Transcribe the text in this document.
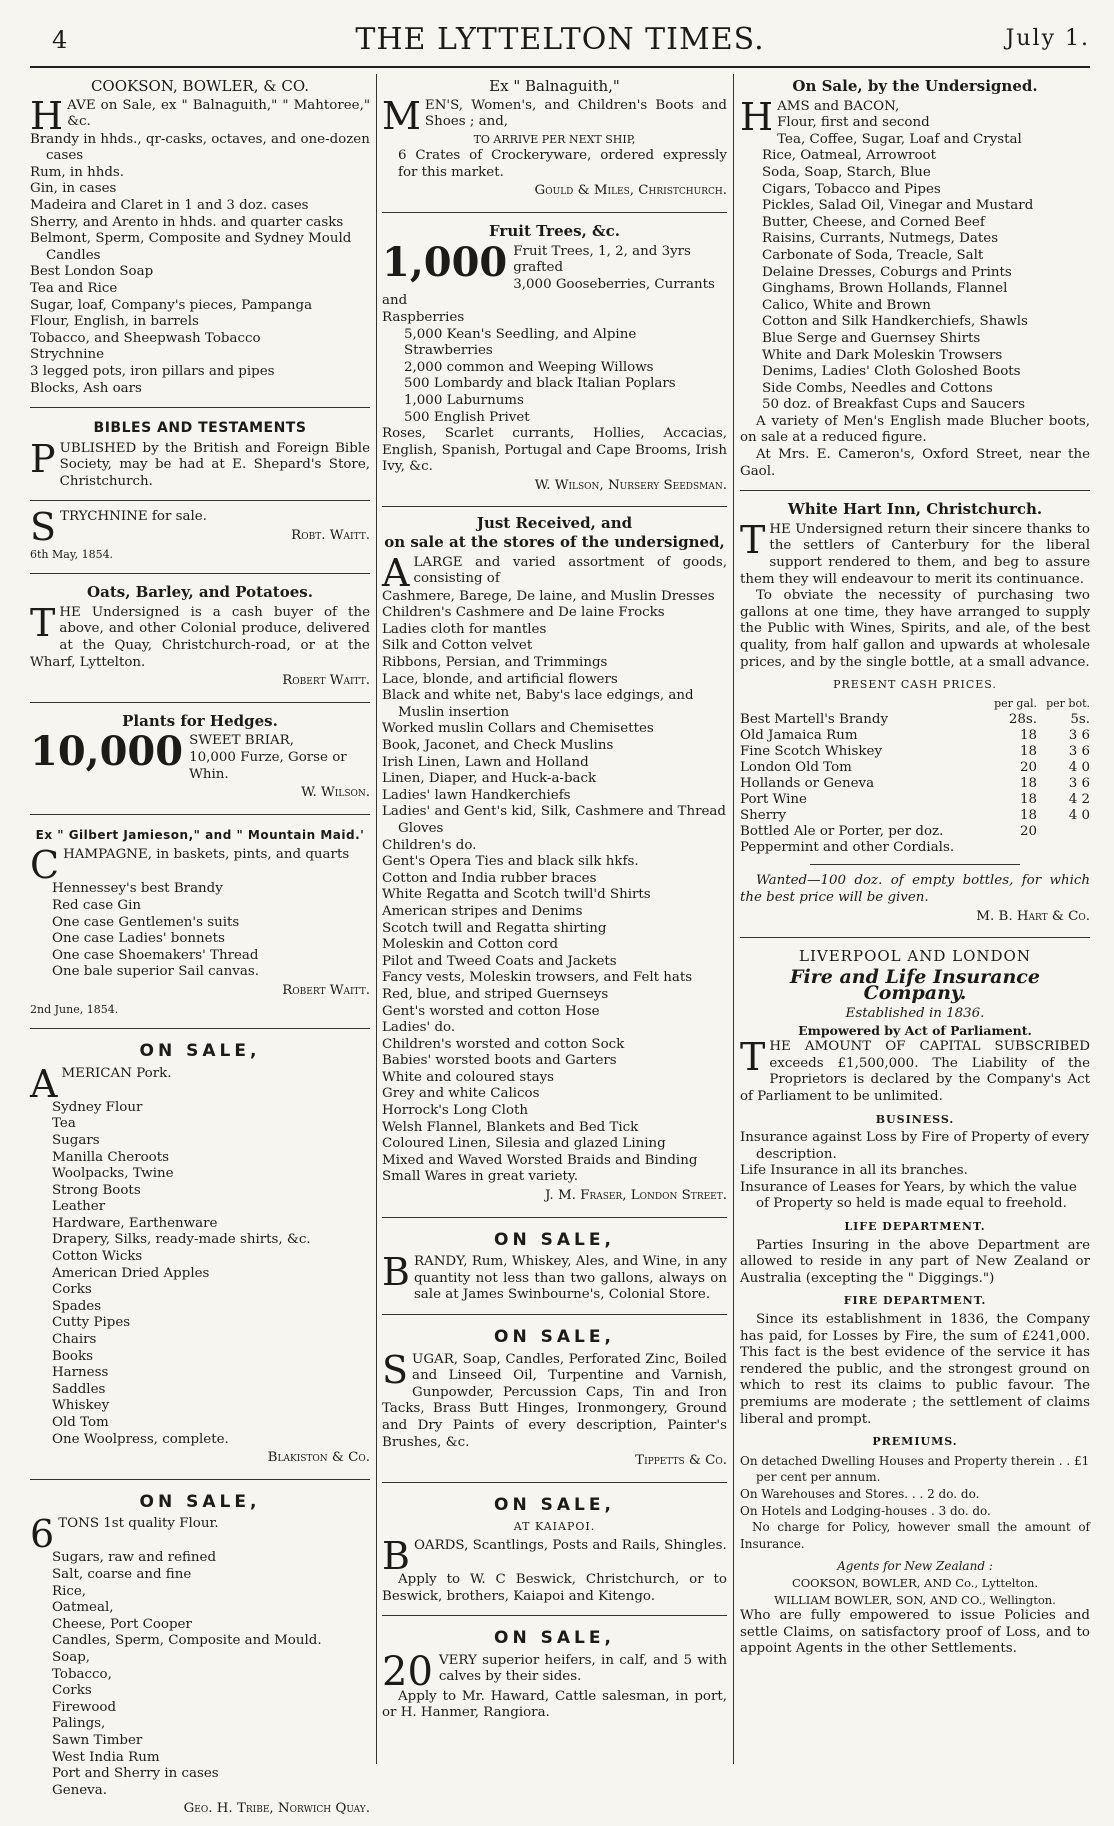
4	THE LYTTELTON TIMES.	July 1.
COOKSON, BOWLER, & CO.
H AVE on Sale, ex " Balnaguith," " Mahtoree," &c.

Brandy in hhds., qr-casks, octaves, and one-dozen cases
Rum, in hhds.
Gin, in cases
Madeira and Claret in 1 and 3 doz. cases
Sherry, and Arento in hhds. and quarter casks
Belmont, Sperm, Composite and Sydney Mould Candles
Best London Soap
Tea and Rice
Sugar, loaf, Company's pieces, Pampanga
Flour, English, in barrels
Tobacco, and Sheepwash Tobacco
Strychnine
3 legged pots, iron pillars and pipes
Blocks, Ash oars
BIBLES AND TESTAMENTS
P UBLISHED by the British and Foreign Bible Society, may be had at E. Shepard's Store, Christchurch.

S TRYCHNINE for sale.

Robt. Waitt.
6th May, 1854.
Oats, Barley, and Potatoes.
T HE Undersigned is a cash buyer of the above, and other Colonial produce, delivered at the Quay, Christchurch-road, or at the Wharf, Lyttelton.

Robert Waitt.
Plants for Hedges.
10,000 SWEET BRIAR,
10,000 Furze, Gorse or Whin.
W. Wilson.
Ex " Gilbert Jamieson," and " Mountain Maid.'
C HAMPAGNE, in baskets, pints, and quarts

Hennessey's best Brandy
Red case Gin
One case Gentlemen's suits
One case Ladies' bonnets
One case Shoemakers' Thread
One bale superior Sail canvas.
Robert Waitt.
2nd June, 1854.
ON SALE,
A MERICAN Pork.

Sydney Flour
Tea
Sugars
Manilla Cheroots
Woolpacks, Twine
Strong Boots
Leather
Hardware, Earthenware
Drapery, Silks, ready-made shirts, &c.
Cotton Wicks
American Dried Apples
Corks
Spades
Cutty Pipes
Chairs
Books
Harness
Saddles
Whiskey
Old Tom
One Woolpress, complete.
Blakiston & Co.
ON SALE,
6 TONS 1st quality Flour.

Sugars, raw and refined
Salt, coarse and fine
Rice,
Oatmeal,
Cheese, Port Cooper
Candles, Sperm, Composite and Mould.
Soap,
Tobacco,
Corks
Firewood
Palings,
Sawn Timber
West India Rum
Port and Sherry in cases
Geneva.
Geo. H. Tribe, Norwich Quay.
Ex " Balnaguith,"
M EN'S, Women's, and Children's Boots and Shoes ; and,

TO ARRIVE PER NEXT SHIP,

6 Crates of Crockeryware, ordered expressly for this market.

Gould & Miles, Christchurch.
Fruit Trees, &c.
1,000 Fruit Trees, 1, 2, and 3yrs grafted
3,000 Gooseberries, Currants and
Raspberries
5,000 Kean's Seedling, and Alpine Strawberries
2,000 common and Weeping Willows
500 Lombardy and black Italian Poplars
1,000 Laburnums
500 English Privet

Roses, Scarlet currants, Hollies, Accacias, English, Spanish, Portugal and Cape Brooms, Irish Ivy, &c.

W. Wilson, Nursery Seedsman.
Just Received, and
on sale at the stores of the undersigned,
A LARGE and varied assortment of goods, consisting of

Cashmere, Barege, De laine, and Muslin Dresses
Children's Cashmere and De laine Frocks
Ladies cloth for mantles
Silk and Cotton velvet
Ribbons, Persian, and Trimmings
Lace, blonde, and artificial flowers
Black and white net, Baby's lace edgings, and Muslin insertion
Worked muslin Collars and Chemisettes
Book, Jaconet, and Check Muslins
Irish Linen, Lawn and Holland
Linen, Diaper, and Huck-a-back
Ladies' lawn Handkerchiefs
Ladies' and Gent's kid, Silk, Cashmere and Thread Gloves
Children's do.
Gent's Opera Ties and black silk hkfs.
Cotton and India rubber braces
White Regatta and Scotch twill'd Shirts
American stripes and Denims
Scotch twill and Regatta shirting
Moleskin and Cotton cord
Pilot and Tweed Coats and Jackets
Fancy vests, Moleskin trowsers, and Felt hats
Red, blue, and striped Guernseys
Gent's worsted and cotton Hose
Ladies' do.
Children's worsted and cotton Sock
Babies' worsted boots and Garters
White and coloured stays
Grey and white Calicos
Horrock's Long Cloth
Welsh Flannel, Blankets and Bed Tick
Coloured Linen, Silesia and glazed Lining
Mixed and Waved Worsted Braids and Binding
Small Wares in great variety.
J. M. Fraser, London Street.
ON SALE,
B RANDY, Rum, Whiskey, Ales, and Wine, in any quantity not less than two gallons, always on sale at James Swinbourne's, Colonial Store.

ON SALE,
S UGAR, Soap, Candles, Perforated Zinc, Boiled and Linseed Oil, Turpentine and Varnish, Gunpowder, Percussion Caps, Tin and Iron Tacks, Brass Butt Hinges, Ironmongery, Ground and Dry Paints of every description, Painter's Brushes, &c.

Tippetts & Co.
ON SALE,
AT KAIAPOI.
B OARDS, Scantlings, Posts and Rails, Shingles.

Apply to W. C Beswick, Christchurch, or to Beswick, brothers, Kaiapoi and Kitengo.

ON SALE,
20 VERY superior heifers, in calf, and 5 with calves by their sides.

Apply to Mr. Haward, Cattle salesman, in port, or H. Hanmer, Rangiora.

On Sale, by the Undersigned.
H AMS and BACON,

Flour, first and second
Tea, Coffee, Sugar, Loaf and Crystal
Rice, Oatmeal, Arrowroot
Soda, Soap, Starch, Blue
Cigars, Tobacco and Pipes
Pickles, Salad Oil, Vinegar and Mustard
Butter, Cheese, and Corned Beef
Raisins, Currants, Nutmegs, Dates
Carbonate of Soda, Treacle, Salt
Delaine Dresses, Coburgs and Prints
Ginghams, Brown Hollands, Flannel
Calico, White and Brown
Cotton and Silk Handkerchiefs, Shawls
Blue Serge and Guernsey Shirts
White and Dark Moleskin Trowsers
Denims, Ladies' Cloth Goloshed Boots
Side Combs, Needles and Cottons
50 doz. of Breakfast Cups and Saucers

A variety of Men's English made Blucher boots, on sale at a reduced figure.

At Mrs. E. Cameron's, Oxford Street, near the Gaol.

White Hart Inn, Christchurch.
T HE Undersigned return their sincere thanks to the settlers of Canterbury for the liberal support rendered to them, and beg to assure them they will endeavour to merit its continuance.

To obviate the necessity of purchasing two gallons at one time, they have arranged to supply the Public with Wines, Spirits, and ale, of the best quality, from half gallon and upwards at wholesale prices, and by the single bottle, at a small advance.

PRESENT CASH PRICES.
	per gal.	per bot.
Best Martell's Brandy	28s.	5s.
Old Jamaica Rum	18	3 6
Fine Scotch Whiskey	18	3 6
London Old Tom	20	4 0
Hollands or Geneva	18	3 6
Port Wine	18	4 2
Sherry	18	4 0
Bottled Ale or Porter, per doz.	20	
Peppermint and other Cordials.

Wanted—100 doz. of empty bottles, for which the best price will be given.

M. B. Hart & Co.
LIVERPOOL AND LONDON
Fire and Life Insurance Company.
Established in 1836.
Empowered by Act of Parliament.
T HE AMOUNT OF CAPITAL SUBSCRIBED exceeds £1,500,000. The Liability of the Proprietors is declared by the Company's Act of Parliament to be unlimited.

BUSINESS.
Insurance against Loss by Fire of Property of every description.
Life Insurance in all its branches.
Insurance of Leases for Years, by which the value of Property so held is made equal to freehold.
LIFE DEPARTMENT.

Parties Insuring in the above Department are allowed to reside in any part of New Zealand or Australia (excepting the " Diggings.")

FIRE DEPARTMENT.

Since its establishment in 1836, the Company has paid, for Losses by Fire, the sum of £241,000. This fact is the best evidence of the service it has rendered the public, and the strongest ground on which to rest its claims to public favour. The premiums are moderate ; the settlement of claims liberal and prompt.

PREMIUMS.
On detached Dwelling Houses and Property therein . . £1 per cent per annum.
On Warehouses and Stores. . . 2 do. do.
On Hotels and Lodging-houses . 3 do. do.

No charge for Policy, however small the amount of Insurance.

Agents for New Zealand :
COOKSON, BOWLER, AND Co., Lyttelton.
WILLIAM BOWLER, SON, AND CO., Wellington.

Who are fully empowered to issue Policies and settle Claims, on satisfactory proof of Loss, and to appoint Agents in the other Settlements.
